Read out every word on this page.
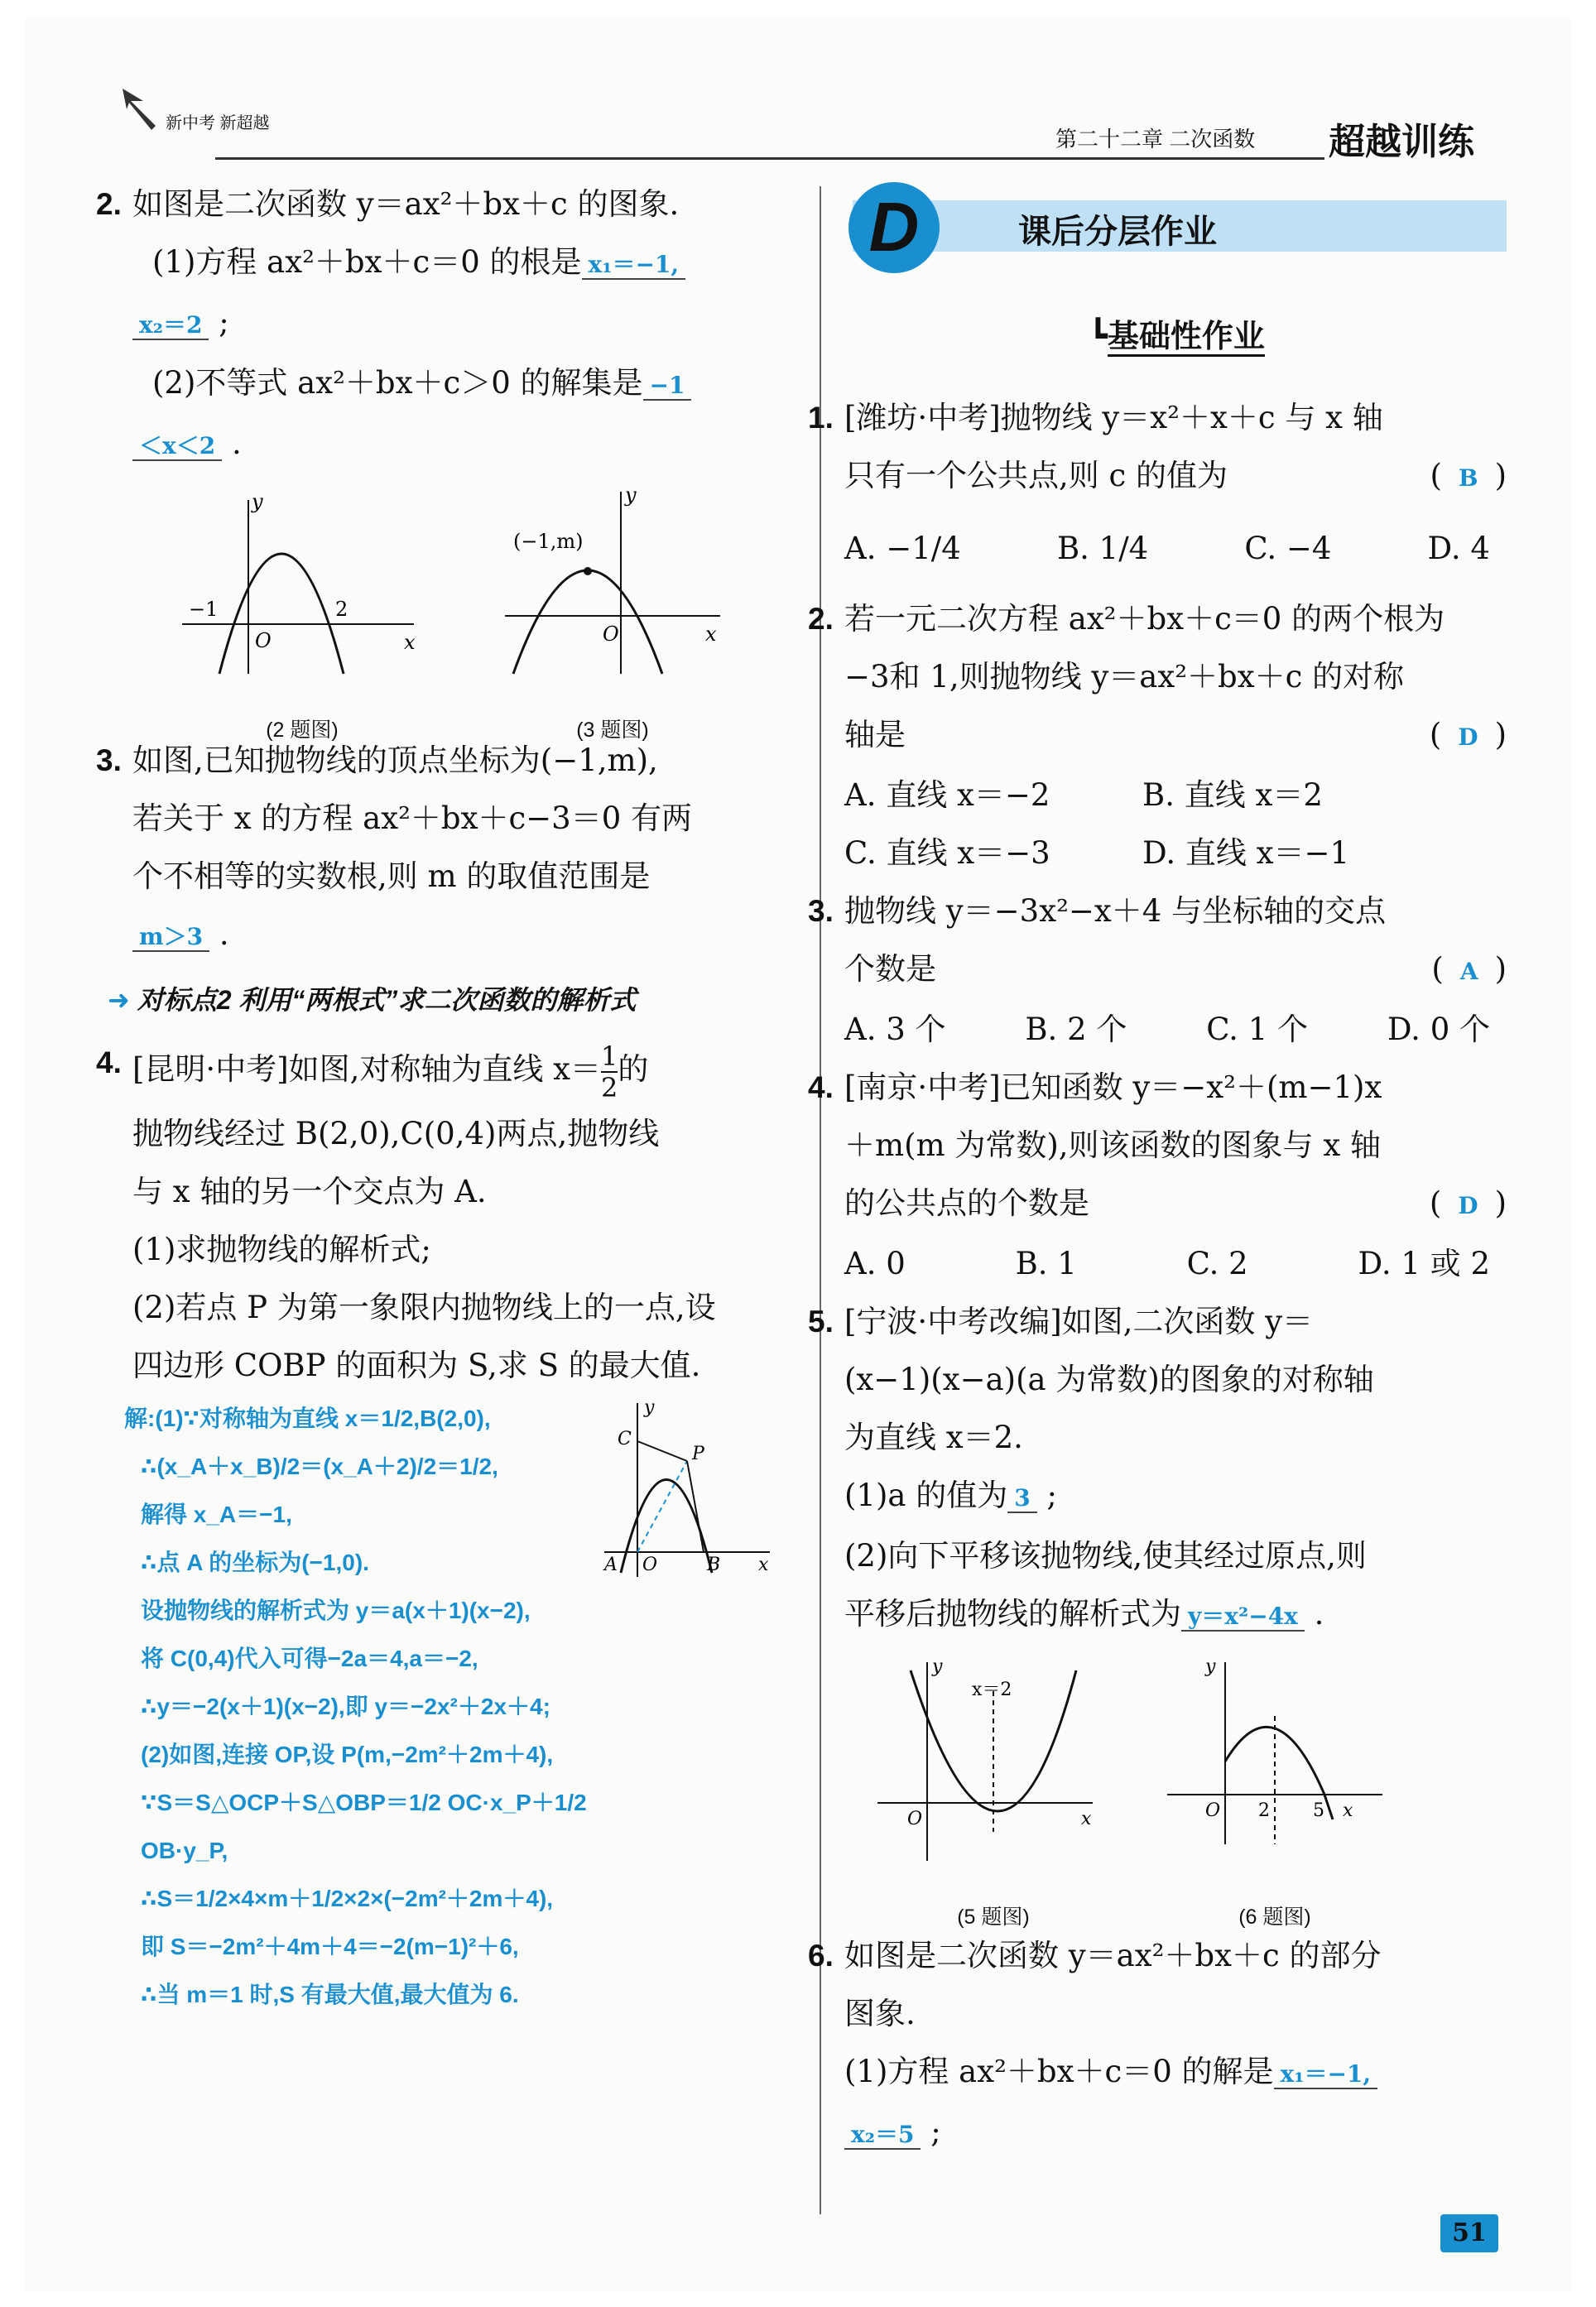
新中考 新超越
第二十二章 二次函数 超越训练
2. 如图是二次函数 y＝ax²＋bx＋c 的图象.
(1)方程 ax²＋bx＋c＝0 的根是 x₁＝−1,
x₂＝2 ;
(2)不等式 ax²＋bx＋c＞0 的解集是 −1
＜x＜2 .
y
O	x
−1	2
(2 题图)
y
O	x
(−1,m)
(3 题图)
3. 如图,已知抛物线的顶点坐标为(−1,m),
若关于 x 的方程 ax²＋bx＋c−3＝0 有两
个不相等的实数根,则 m 的取值范围是
m＞3 .
➜ 对标点2 利用“两根式”求二次函数的解析式
4. [昆明·中考]如图,对称轴为直线 $x= \frac{1}{2}$ 的
抛物线经过 B(2,0),C(0,4)两点,抛物线
与 x 轴的另一个交点为 A.
(1)求抛物线的解析式;
(2)若点 P 为第一象限内抛物线上的一点,设
四边形 COBP 的面积为 S,求 S 的最大值.
解:(1)∵对称轴为直线 x＝1/2,B(2,0),
∴(x_A＋x_B)/2＝(x_A＋2)/2＝1/2,
解得 x_A＝−1,
∴点 A 的坐标为(−1,0).
设抛物线的解析式为 y＝a(x＋1)(x−2),
将 C(0,4)代入可得−2a＝4,a＝−2,
∴y＝−2(x＋1)(x−2),即 y＝−2x²＋2x＋4;
(2)如图,连接 OP,设 P(m,−2m²＋2m＋4),
∵S＝S△OCP＋S△OBP＝1/2 OC·x_P＋1/2 OB·y_P,
∴S＝1/2×4×m＋1/2×2×(−2m²＋2m＋4),
即 S＝−2m²＋4m＋4＝−2(m−1)²＋6,
∴当 m＝1 时,S 有最大值,最大值为 6.
y
C
P
A O	B x
D	课后分层作业
┗基础性作业
1. [潍坊·中考]抛物线 y＝x²＋x＋c 与 x 轴
只有一个公共点,则 c 的值为	( B )
A. −1/4	B. 1/4	C. −4	D. 4
2. 若一元二次方程 ax²＋bx＋c＝0 的两个根为
−3和 1,则抛物线 y＝ax²＋bx＋c 的对称
轴是	( D )
A. 直线 x＝−2	B. 直线 x＝2
C. 直线 x＝−3	D. 直线 x＝−1
3. 抛物线 y＝−3x²−x＋4 与坐标轴的交点
个数是	( A )
A. 3 个	B. 2 个	C. 1 个	D. 0 个
4. [南京·中考]已知函数 y＝−x²＋(m−1)x
＋m(m 为常数),则该函数的图象与 x 轴
的公共点的个数是	( D )
A. 0	B. 1	C. 2	D. 1 或 2
5. [宁波·中考改编]如图,二次函数 y＝
(x−1)(x−a)(a 为常数)的图象的对称轴
为直线 x＝2.
(1)a 的值为 3 ;
(2)向下平移该抛物线,使其经过原点,则
平移后抛物线的解析式为 y＝x²−4x .
y
x＝2
O	x
(5 题图)
y
O 2 5 x
(6 题图)
6. 如图是二次函数 y＝ax²＋bx＋c 的部分
图象.
(1)方程 ax²＋bx＋c＝0 的解是 x₁＝−1,
x₂＝5 ;
51
